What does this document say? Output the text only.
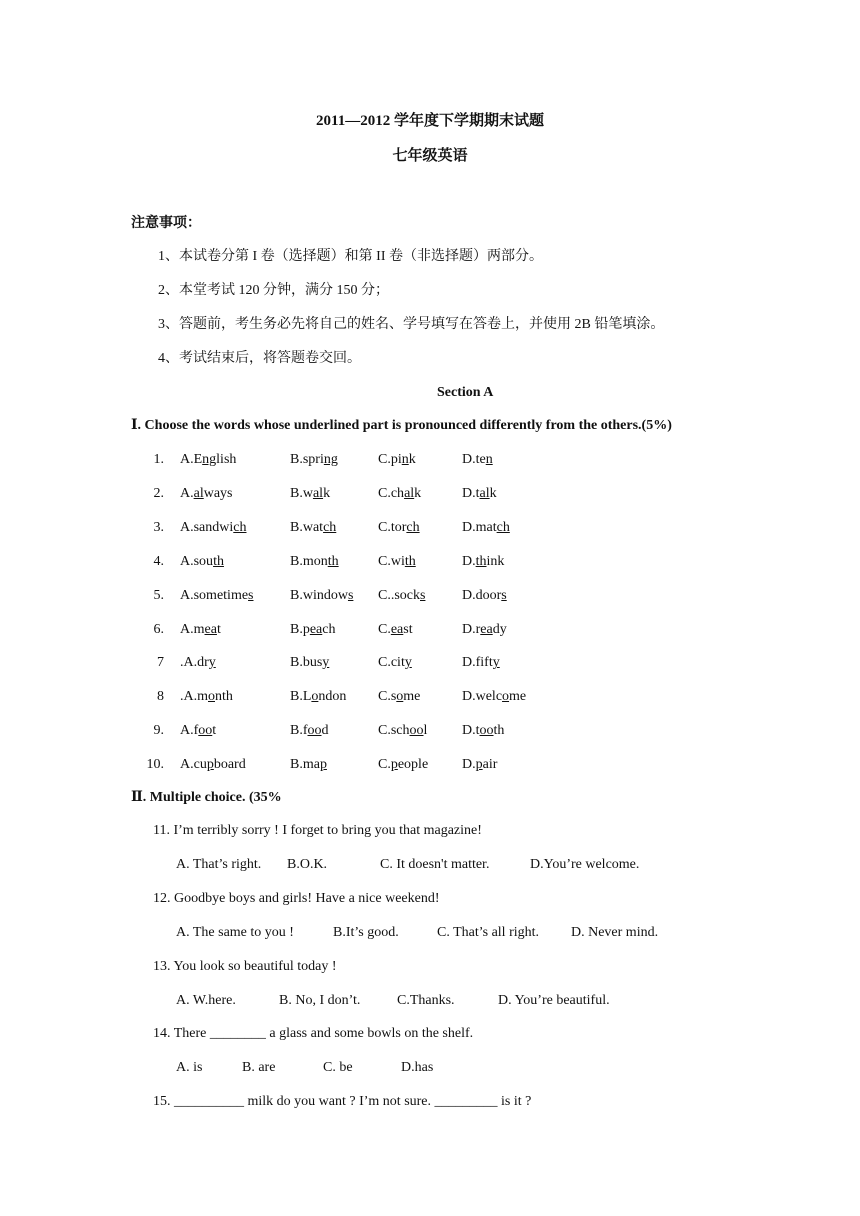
2011—2012 学年度下学期期末试题
七年级英语
注意事项：
1、本试卷分第 I 卷（选择题）和第 II 卷（非选择题）两部分。
2、本堂考试 120 分钟，满分 150 分；
3、答题前，考生务必先将自己的姓名、学号填写在答卷上，并使用 2B 铅笔填涂。
4、考试结束后，将答题卷交回。
Section A
Ⅰ. Choose the words whose underlined part is pronounced differently from the others.(5%)
1. A.English	B.spring	C.pink	D.ten
2. A.always	B.walk	C.chalk	D.talk
3. A.sandwich	B.watch	C.torch	D.match
4. A.south	B.month	C.with	D.think
5. A.sometimes	B.windows C..socks	D.doors
6. A.meat	B.peach	C.east	D.ready
7 .A.dry	B.busy	C.city	D.fifty
8 .A.month	B.London C.some	D.welcome
9. A.foot	B.food	C.school D.tooth
10. A.cupboard	B.map	C.people D.pair
Ⅱ. Multiple choice. (35%
11. I’m terribly sorry ! I forget to bring you that magazine!
A. That’s right. B.O.K.	C. It doesn't matter.	D.You’re welcome.
12. Goodbye boys and girls! Have a nice weekend!
A. The same to you !	B.It’s good.	C. That’s all right. D. Never mind.
13. You look so beautiful today !
A. W.here.	B. No, I don’t.	C.Thanks.	D. You’re beautiful.
14. There ________ a glass and some bowls on the shelf.
A. is	B. are	C. be	D.has
15. __________ milk do you want ? I’m not sure. _________ is it ?
